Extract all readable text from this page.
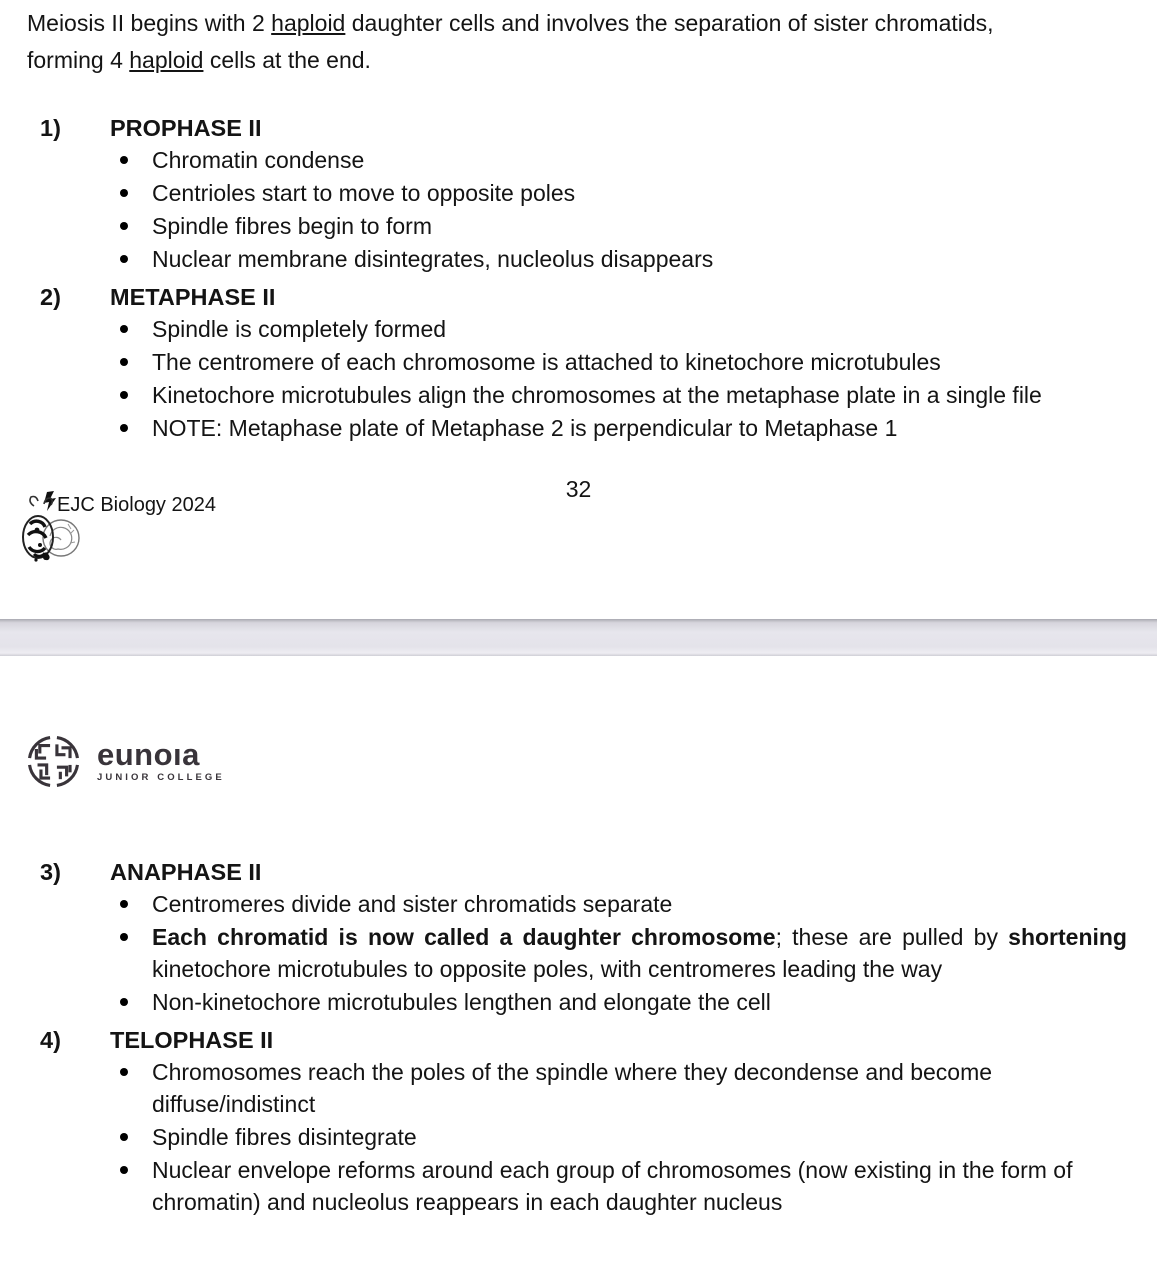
Meiosis II begins with 2 haploid daughter cells and involves the separation of sister chromatids,
forming 4 haploid cells at the end.
1) PROPHASE II
Chromatin condense
Centrioles start to move to opposite poles
Spindle fibres begin to form
Nuclear membrane disintegrates, nucleolus disappears
2) METAPHASE II
Spindle is completely formed
The centromere of each chromosome is attached to kinetochore microtubules
Kinetochore microtubules align the chromosomes at the metaphase plate in a single file
NOTE: Metaphase plate of Metaphase 2 is perpendicular to Metaphase 1
32
EJC Biology 2024
eunoıa
JUNIOR COLLEGE
3) ANAPHASE II
Centromeres divide and sister chromatids separate
Each chromatid is now called a daughter chromosome; these are pulled by shortening kinetochore microtubules to opposite poles, with centromeres leading the way
Non-kinetochore microtubules lengthen and elongate the cell
4) TELOPHASE II
Chromosomes reach the poles of the spindle where they decondense and become diffuse/indistinct
Spindle fibres disintegrate
Nuclear envelope reforms around each group of chromosomes (now existing in the form of chromatin) and nucleolus reappears in each daughter nucleus
